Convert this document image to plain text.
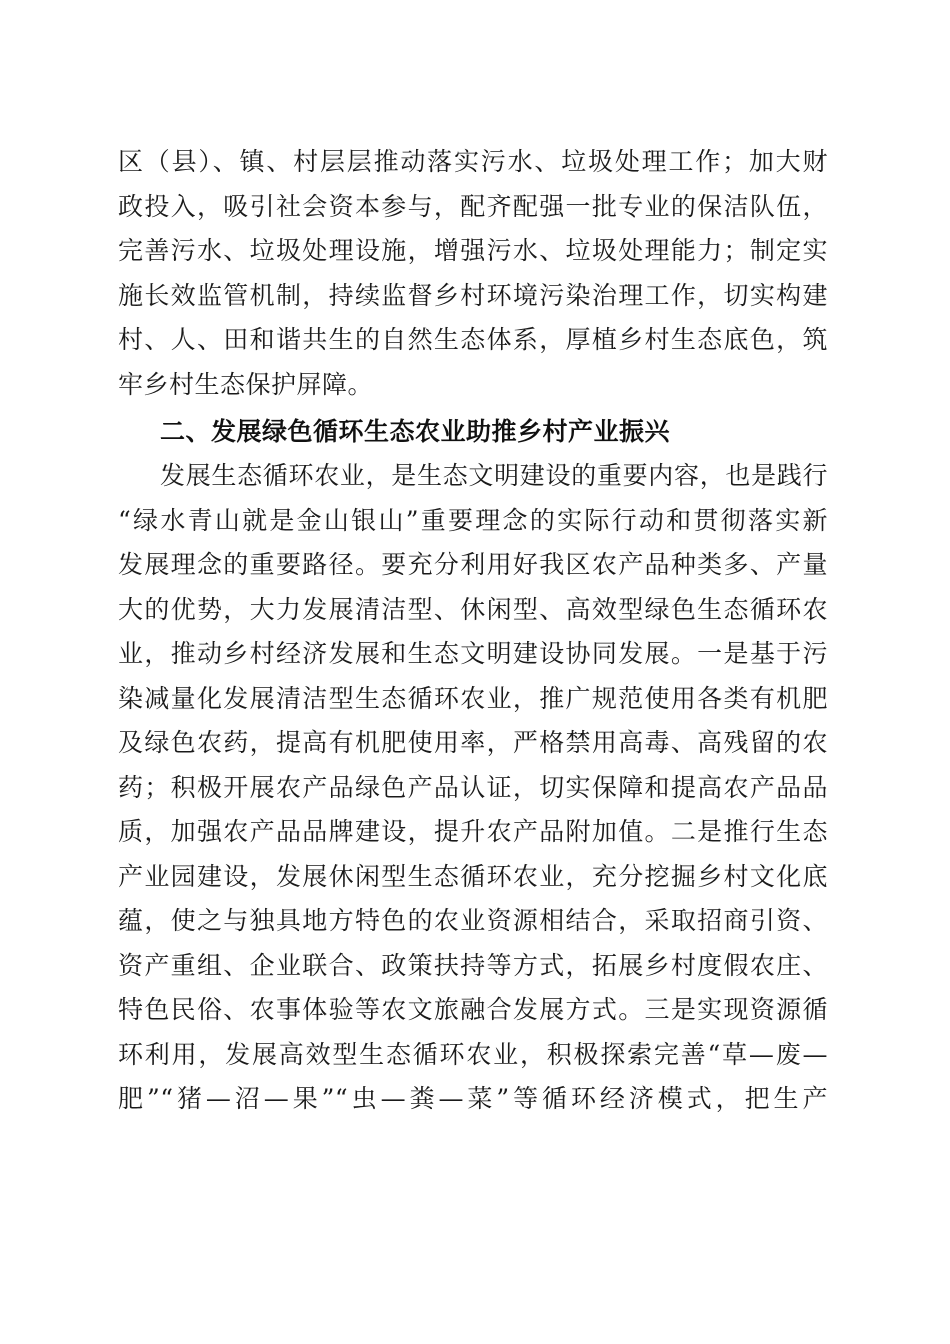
区（县）、镇、村层层推动落实污水、垃圾处理工作；加大财
政投入，吸引社会资本参与，配齐配强一批专业的保洁队伍，
完善污水、垃圾处理设施，增强污水、垃圾处理能力；制定实
施长效监管机制，持续监督乡村环境污染治理工作，切实构建
村、人、田和谐共生的自然生态体系，厚植乡村生态底色，筑
牢乡村生态保护屏障。
二、发展绿色循环生态农业助推乡村产业振兴
发展生态循环农业，是生态文明建设的重要内容，也是践行
“绿水青山就是金山银山”重要理念的实际行动和贯彻落实新
发展理念的重要路径。要充分利用好我区农产品种类多、产量
大的优势，大力发展清洁型、休闲型、高效型绿色生态循环农
业，推动乡村经济发展和生态文明建设协同发展。一是基于污
染减量化发展清洁型生态循环农业，推广规范使用各类有机肥
及绿色农药，提高有机肥使用率，严格禁用高毒、高残留的农
药；积极开展农产品绿色产品认证，切实保障和提高农产品品
质，加强农产品品牌建设，提升农产品附加值。二是推行生态
产业园建设，发展休闲型生态循环农业，充分挖掘乡村文化底
蕴，使之与独具地方特色的农业资源相结合，采取招商引资、
资产重组、企业联合、政策扶持等方式，拓展乡村度假农庄、
特色民俗、农事体验等农文旅融合发展方式。三是实现资源循
环利用，发展高效型生态循环农业，积极探索完善“草—废—
肥”“猪—沼—果”“虫—粪—菜”等循环经济模式，把生产
